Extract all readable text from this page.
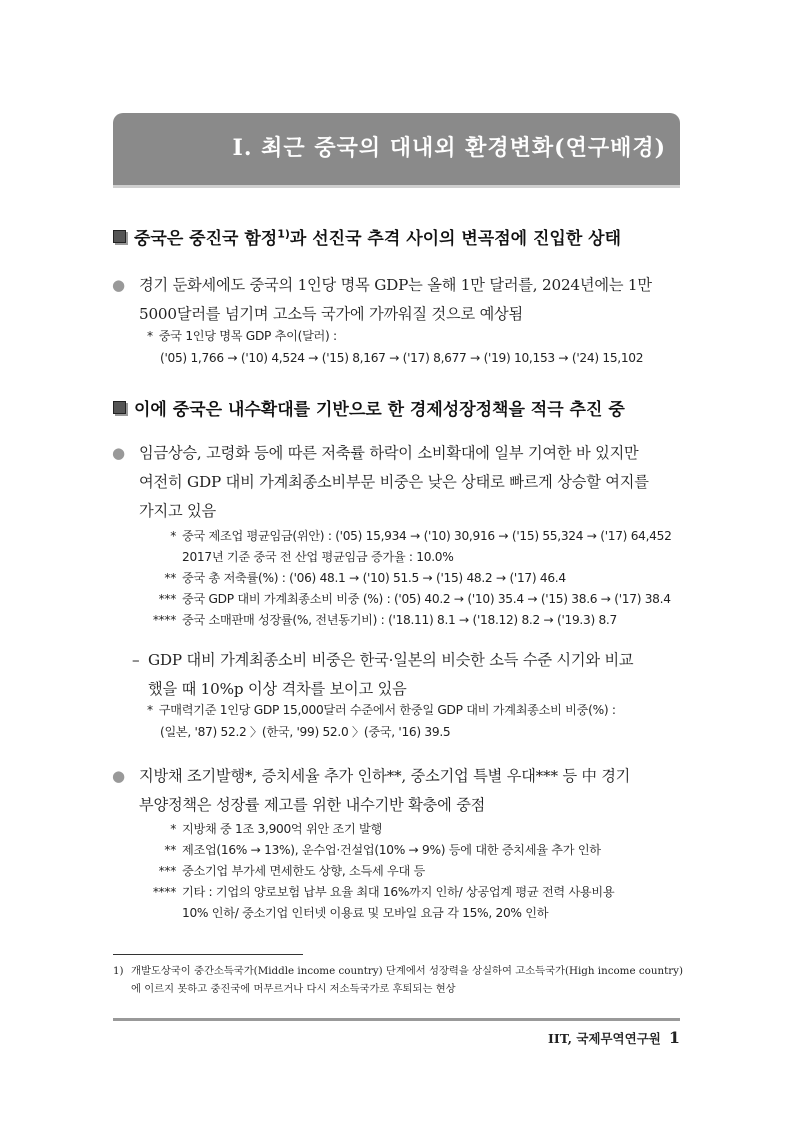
Ⅰ. 최근 중국의 대내외 환경변화(연구배경)
중국은 중진국 함정$^{1)}$과 선진국 추격 사이의 변곡점에 진입한 상태
● 경기 둔화세에도 중국의 1인당 명목 GDP는 올해 1만 달러를, 2024년에는 1만
5000달러를 넘기며 고소득 국가에 가까워질 것으로 예상됨
* 중국 1인당 명목 GDP 추이(달러) :
('05) 1,766 → ('10) 4,524 → ('15) 8,167 → ('17) 8,677 → ('19) 10,153 → ('24) 15,102
이에 중국은 내수확대를 기반으로 한 경제성장정책을 적극 추진 중
● 임금상승, 고령화 등에 따른 저축률 하락이 소비확대에 일부 기여한 바 있지만
여전히 GDP 대비 가계최종소비부문 비중은 낮은 상태로 빠르게 상승할 여지를
가지고 있음
* 중국 제조업 평균임금(위안) : ('05) 15,934 → ('10) 30,916 → ('15) 55,324 → ('17) 64,452
2017년 기준 중국 전 산업 평균임금 증가율 : 10.0%
** 중국 총 저축률(%) : ('06) 48.1 → ('10) 51.5 → ('15) 48.2 → ('17) 46.4
*** 중국 GDP 대비 가계최종소비 비중 (%) : ('05) 40.2 → ('10) 35.4 → ('15) 38.6 → ('17) 38.4
**** 중국 소매판매 성장률(%, 전년동기비) : ('18.11) 8.1 → ('18.12) 8.2 → ('19.3) 8.7
– GDP 대비 가계최종소비 비중은 한국·일본의 비슷한 소득 수준 시기와 비교
했을 때 10%p 이상 격차를 보이고 있음
* 구매력기준 1인당 GDP 15,000달러 수준에서 한중일 GDP 대비 가계최종소비 비중(%) :
(일본, '87) 52.2 〉(한국, '99) 52.0 〉(중국, '16) 39.5
● 지방채 조기발행*, 증치세율 추가 인하**, 중소기업 특별 우대*** 등 中 경기
부양정책은 성장률 제고를 위한 내수기반 확충에 중점
* 지방채 중 1조 3,900억 위안 조기 발행
** 제조업(16% → 13%), 운수업·건설업(10% → 9%) 등에 대한 증치세율 추가 인하
*** 중소기업 부가세 면세한도 상향, 소득세 우대 등
**** 기타 : 기업의 양로보험 납부 요율 최대 16%까지 인하/ 상공업계 평균 전력 사용비용
10% 인하/ 중소기업 인터넷 이용료 및 모바일 요금 각 15%, 20% 인하
1) 개발도상국이 중간소득국가(Middle income country) 단계에서 성장력을 상실하여 고소득국가(High income country)에 이르지 못하고 중진국에 머무르거나 다시 저소득국가로 후퇴되는 현상
IIT, 국제무역연구원 1
